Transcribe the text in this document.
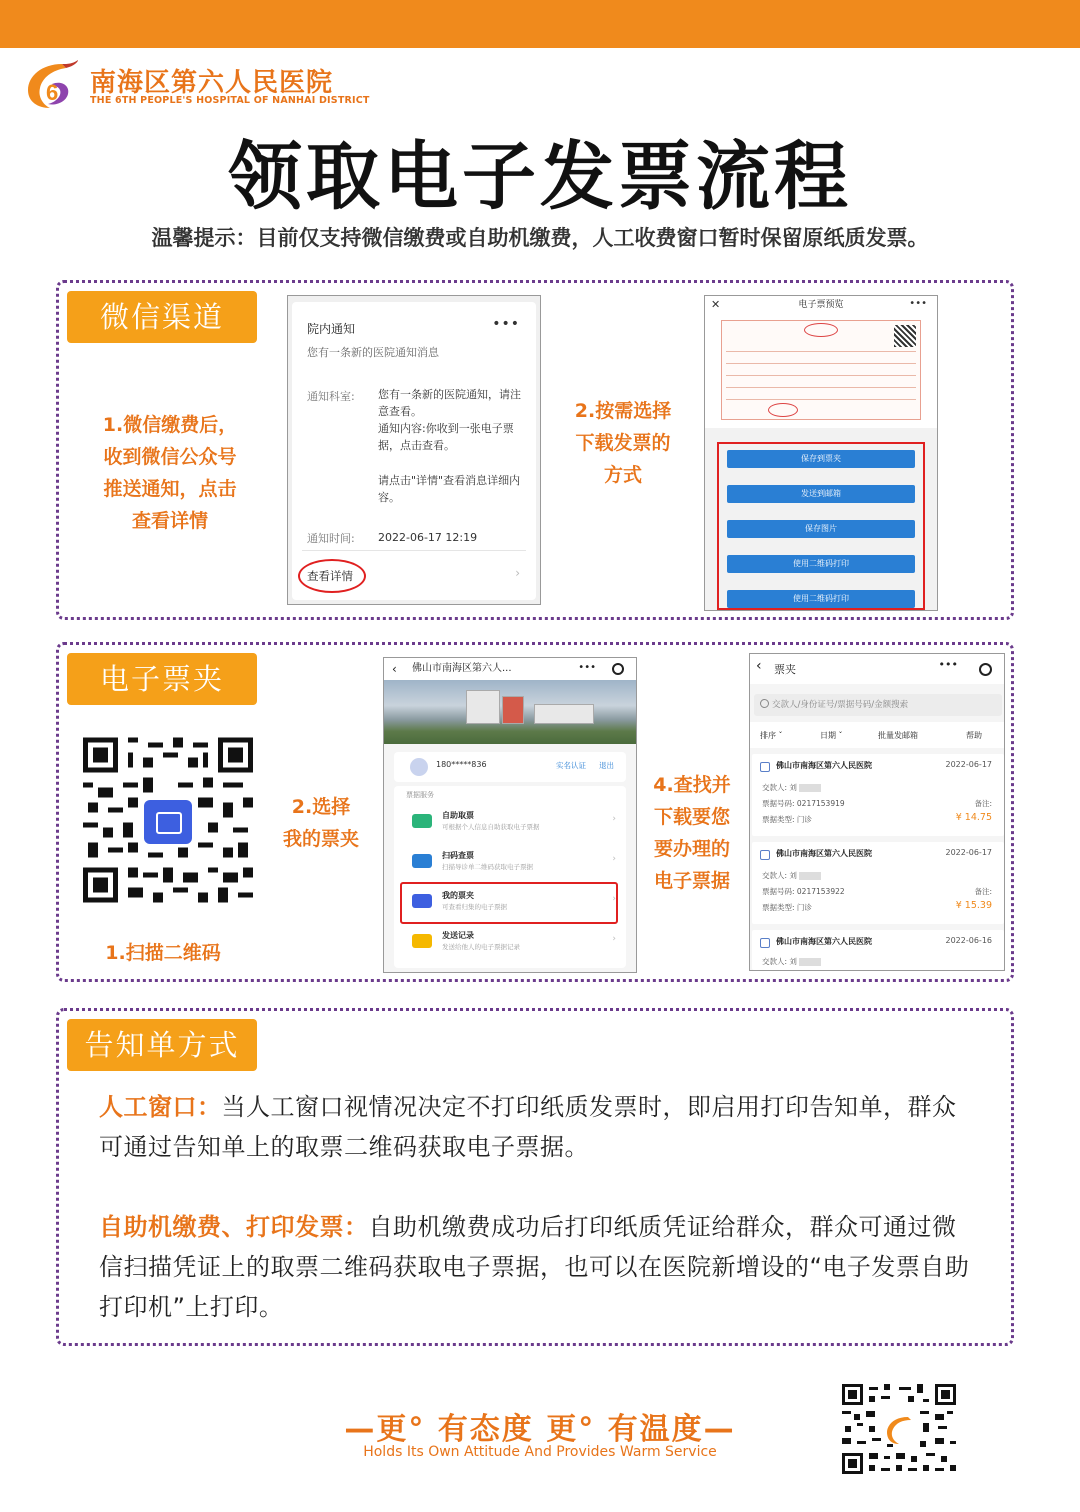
6 南海区第六人民医院
THE 6TH PEOPLE'S HOSPITAL OF NANHAI DISTRICT
领取电子发票流程
温馨提示：目前仅支持微信缴费或自助机缴费，人工收费窗口暂时保留原纸质发票。
微信渠道
1.微信缴费后，
收到微信公众号
推送通知，点击
查看详情
院内通知	•••
您有一条新的医院通知消息
通知科室: 您有一条新的医院通知，请注意查看。
通知内容:你收到一张电子票据，点击查看。
请点击"详情"查看消息详细内容。
通知时间: 2022-06-17 12:19
查看详情	›
2.按需选择
下载发票的
方式
✕	电子票预览	•••
保存到票夹
发送到邮箱
保存图片
使用二维码打印
使用二维码打印
电子票夹
1.扫描二维码
2.选择
我的票夹
‹ 佛山市南海区第六人...	•••
180*****836	实名认证 退出
票据服务
自助取票
可根据个人信息自助获取电子票据
›
扫码查票
扫描导诊单二维码获取电子票据
›
我的票夹
可查看归集的电子票据
›
发送记录
发送给他人的电子票据记录
›
4.查找并
下载要您
要办理的
电子票据
‹ 票夹	•••
交款人/身份证号/票据号码/金额搜索
排序 ˇ	日期 ˇ	批量发邮箱	帮助
佛山市南海区第六人民医院	2022-06-17
交款人: 刘
票据号码: 0217153919
票据类型: 门诊
备注:
¥ 14.75
佛山市南海区第六人民医院	2022-06-17
交款人: 刘
票据号码: 0217153922
票据类型: 门诊
备注:
¥ 15.39
佛山市南海区第六人民医院	2022-06-16
交款人: 刘
告知单方式
人工窗口：当人工窗口视情况决定不打印纸质发票时，即启用打印告知单，群众可通过告知单上的取票二维码获取电子票据。
自助机缴费、打印发票：自助机缴费成功后打印纸质凭证给群众，群众可通过微信扫描凭证上的取票二维码获取电子票据，也可以在医院新增设的“电子发票自助打印机”上打印。
—更° 有态度 更° 有温度—
Holds Its Own Attitude And Provides Warm Service
